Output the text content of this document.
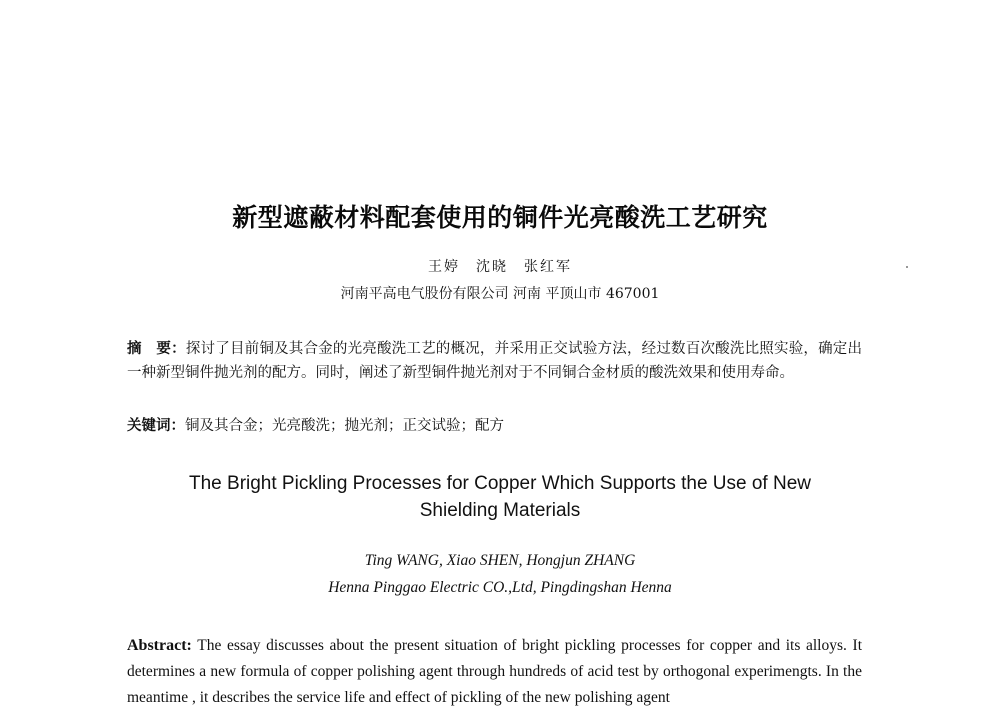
新型遮蔽材料配套使用的铜件光亮酸洗工艺研究
王婷　沈晓　张红军
河南平高电气股份有限公司 河南 平顶山市 467001
摘　要：探讨了目前铜及其合金的光亮酸洗工艺的概况，并采用正交试验方法，经过数百次酸洗比照实验，确定出一种新型铜件抛光剂的配方。同时，阐述了新型铜件抛光剂对于不同铜合金材质的酸洗效果和使用寿命。
关键词：铜及其合金；光亮酸洗；抛光剂；正交试验；配方
The Bright Pickling Processes for Copper Which Supports the Use of New
Shielding Materials
Ting WANG, Xiao SHEN, Hongjun ZHANG
Henna Pinggao Electric CO.,Ltd, Pingdingshan Henna
Abstract: The essay discusses about the present situation of bright pickling processes for copper and its alloys. It determines a new formula of copper polishing agent through hundreds of acid test by orthogonal experimengts. In the meantime , it describes the service life and effect of pickling of the new polishing agent
